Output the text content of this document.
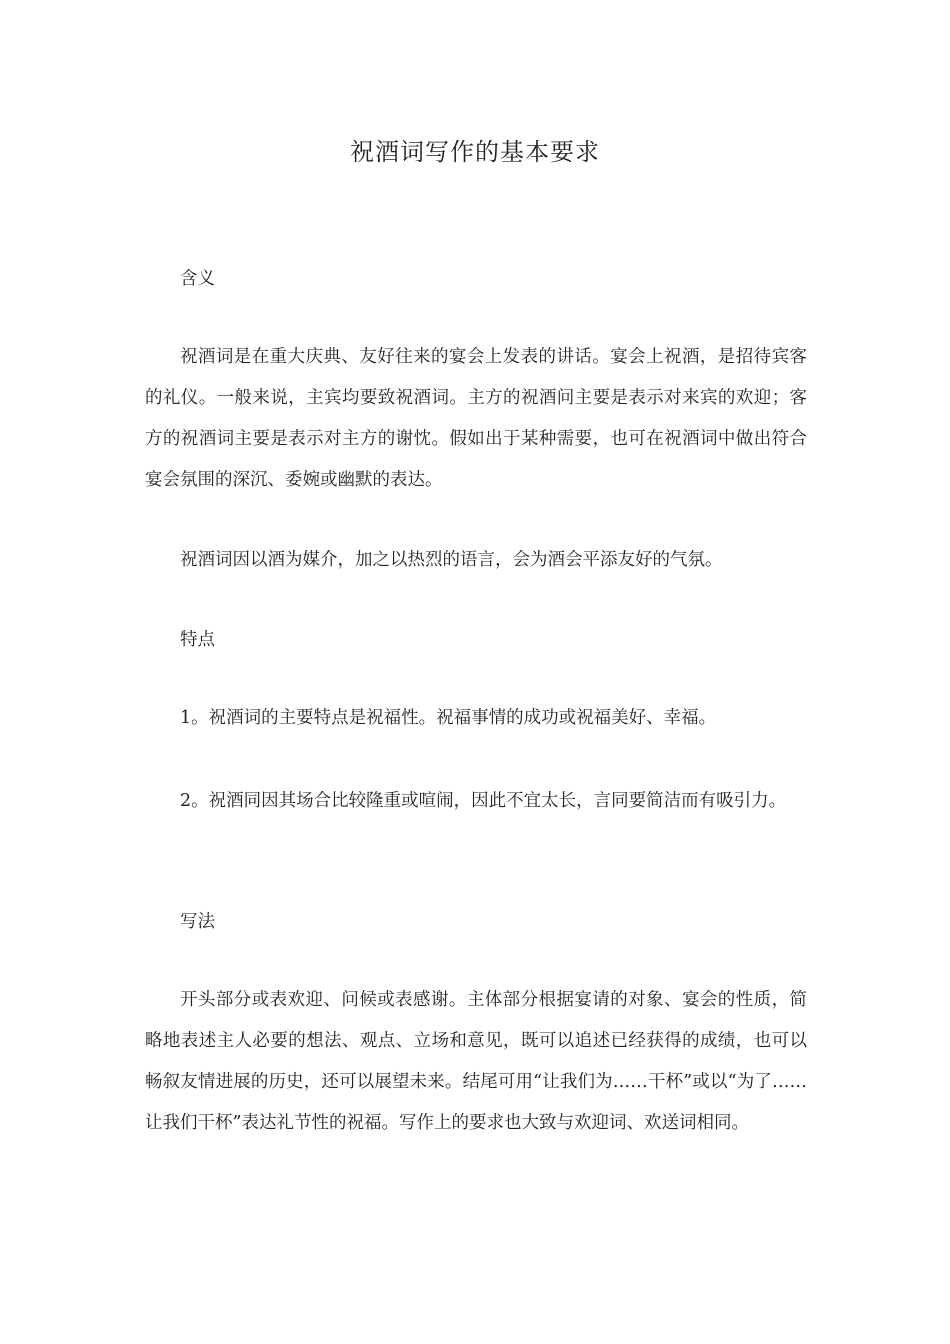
祝酒词写作的基本要求

含义

祝酒词是在重大庆典、友好往来的宴会上发表的讲话。宴会上祝酒，是招待宾客的礼仪。一般来说，主宾均要致祝酒词。主方的祝酒问主要是表示对来宾的欢迎；客方的祝酒词主要是表示对主方的谢忱。假如出于某种需要，也可在祝酒词中做出符合宴会氛围的深沉、委婉或幽默的表达。

祝酒词因以酒为媒介，加之以热烈的语言，会为酒会平添友好的气氛。

特点

1。祝酒词的主要特点是祝福性。祝福事情的成功或祝福美好、幸福。

2。祝酒同因其场合比较隆重或喧闹，因此不宜太长，言同要简洁而有吸引力。

写法

开头部分或表欢迎、问候或表感谢。主体部分根据宴请的对象、宴会的性质，简略地表述主人必要的想法、观点、立场和意见，既可以追述已经获得的成绩，也可以畅叙友情进展的历史，还可以展望未来。结尾可用“让我们为……干杯”或以“为了……让我们干杯”表达礼节性的祝福。写作上的要求也大致与欢迎词、欢送词相同。
